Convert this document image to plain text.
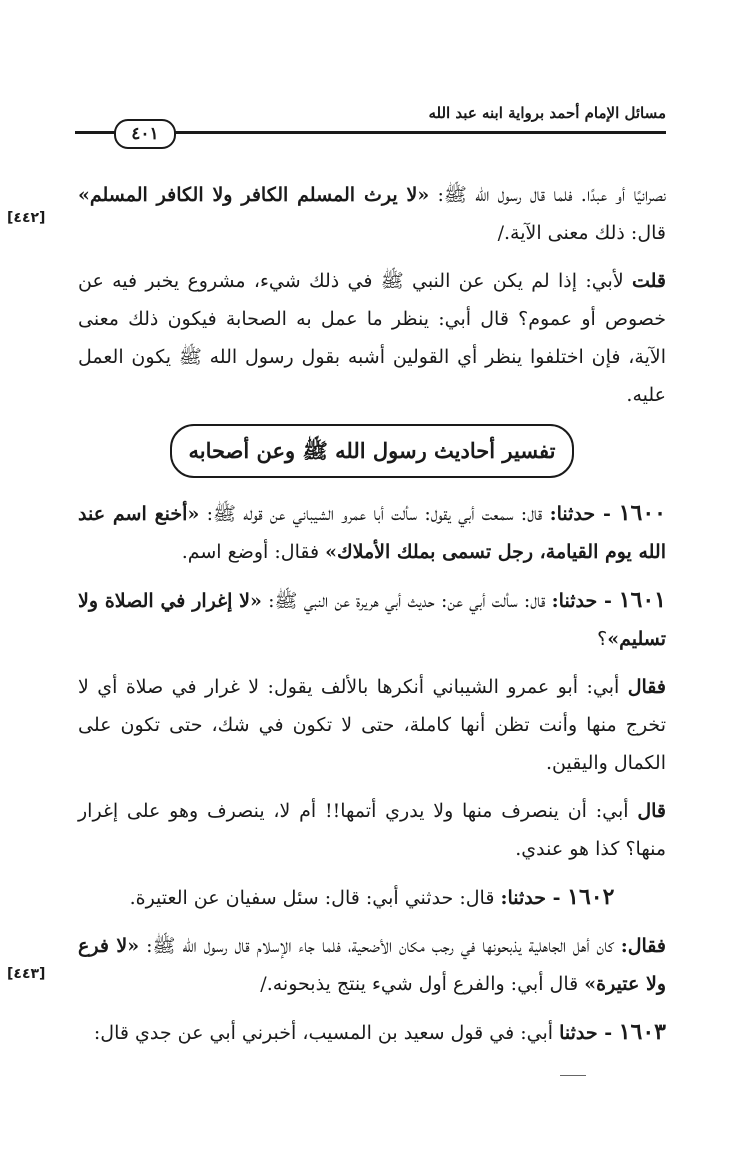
مسائل الإمام أحمد برواية ابنه عبد الله
٤٠١
[٤٤٢]
[٤٤٣]

نصرانيًا أو عبدًا. فلما قال رسول الله ﷺ: «لا يرث المسلم الكافر ولا الكافر المسلم» قال: ذلك معنى الآية./

قلت لأبي: إذا لم يكن عن النبي ﷺ في ذلك شيء، مشروع يخبر فيه عن خصوص أو عموم؟ قال أبي: ينظر ما عمل به الصحابة فيكون ذلك معنى الآية، فإن اختلفوا ينظر أي القولين أشبه بقول رسول الله ﷺ يكون العمل عليه.

تفسير أحاديث رسول الله ﷺ وعن أصحابه

١٦٠٠ - حدثنا: قال: سمعت أبي يقول: سألت أبا عمرو الشيباني عن قوله ﷺ: «أخنع اسم عند الله يوم القيامة، رجل تسمى بملك الأملاك» فقال: أوضع اسم.

١٦٠١ - حدثنا: قال: سألت أبي عن: حديث أبي هريرة عن النبي ﷺ: «لا إغرار في الصلاة ولا تسليم»؟

فقال أبي: أبو عمرو الشيباني أنكرها بالألف يقول: لا غرار في صلاة أي لا تخرج منها وأنت تظن أنها كاملة، حتى لا تكون في شك، حتى تكون على الكمال واليقين.

قال أبي: أن ينصرف منها ولا يدري أتمها!! أم لا، ينصرف وهو على إغرار منها؟ كذا هو عندي.

١٦٠٢ - حدثنا: قال: حدثني أبي: قال: سئل سفيان عن العتيرة.

فقال: كان أهل الجاهلية يذبحونها في رجب مكان الأضحية، فلما جاء الإسلام قال رسول الله ﷺ: «لا فرع ولا عتيرة» قال أبي: والفرع أول شيء ينتج يذبحونه./

١٦٠٣ - حدثنا أبي: في قول سعيد بن المسيب، أخبرني أبي عن جدي قال:
